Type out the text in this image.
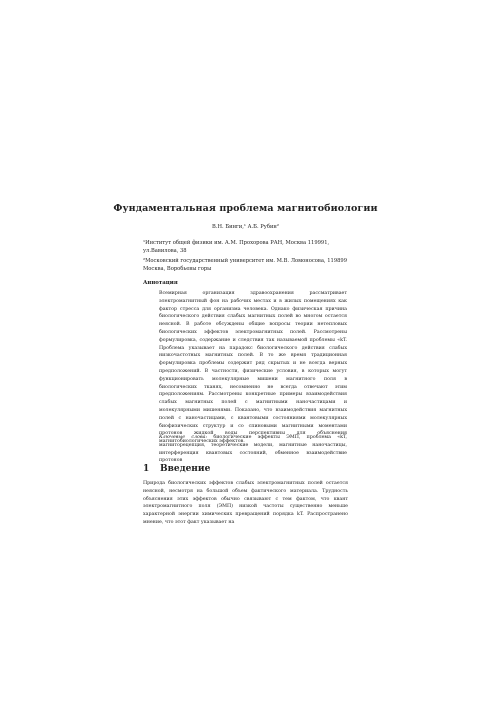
Фундаментальная проблема магнитобиологии
В.Н. Бинги,¹ А.Б. Рубин²
¹Институт общей физики им. А.М. Прохорова РАН, Москва 119991, ул.Вавилова, 38
²Московский государственный университет им. М.В. Ломоносова, 119899 Москва, Воробьевы горы
Аннотация
Всемирная организация здравоохранения рассматривает электромагнитный фон на рабочих местах и в жилых помещениях как фактор стресса для организма человека. Однако физическая причина биологического действия слабых магнитных полей во многом остается неясной. В работе обсуждены общие вопросы теории нетепловых биологических эффектов электромагнитных полей. Рассмотрены формулировка, содержание и следствия так называемой проблемы «kT. Проблема указывает на парадокс биологического действия слабых низкочастотных магнитных полей. В то же время традиционная формулировка проблемы содержит ряд скрытых и не всегда верных предположений. В частности, физические условия, в которых могут функционировать молекулярные мишени магнитного поля в биологических тканях, несомненно не всегда отвечают этим предположениям. Рассмотрены конкретные примеры взаимодействия слабых магнитных полей с магнитными наночастицами и молекулярными мишенями. Показано, что взаимодействия магнитных полей с наночастицами, с квантовыми состояниями молекулярных биофизических структур и со спиновыми магнитными моментами протонов жидкой воды перспективны для объяснения магнитобиологических эффектов.
Ключевые слова: биологические эффекты ЭМП, проблема «kT, магниторецепция, теоретические модели, магнитные наночастицы, интерференция квантовых состояний, обменное взаимодействие протонов
1 Введение
Природа биологических эффектов слабых электромагнитных полей остается неясной, несмотря на большой объем фактического материала. Трудность объяснения этих эффектов обычно связывают с тем фактом, что квант электромагнитного поля (ЭМП) низкой частоты существенно меньше характерной энергии химических превращений порядка kT. Распространено мнение, что этот факт указывает на
